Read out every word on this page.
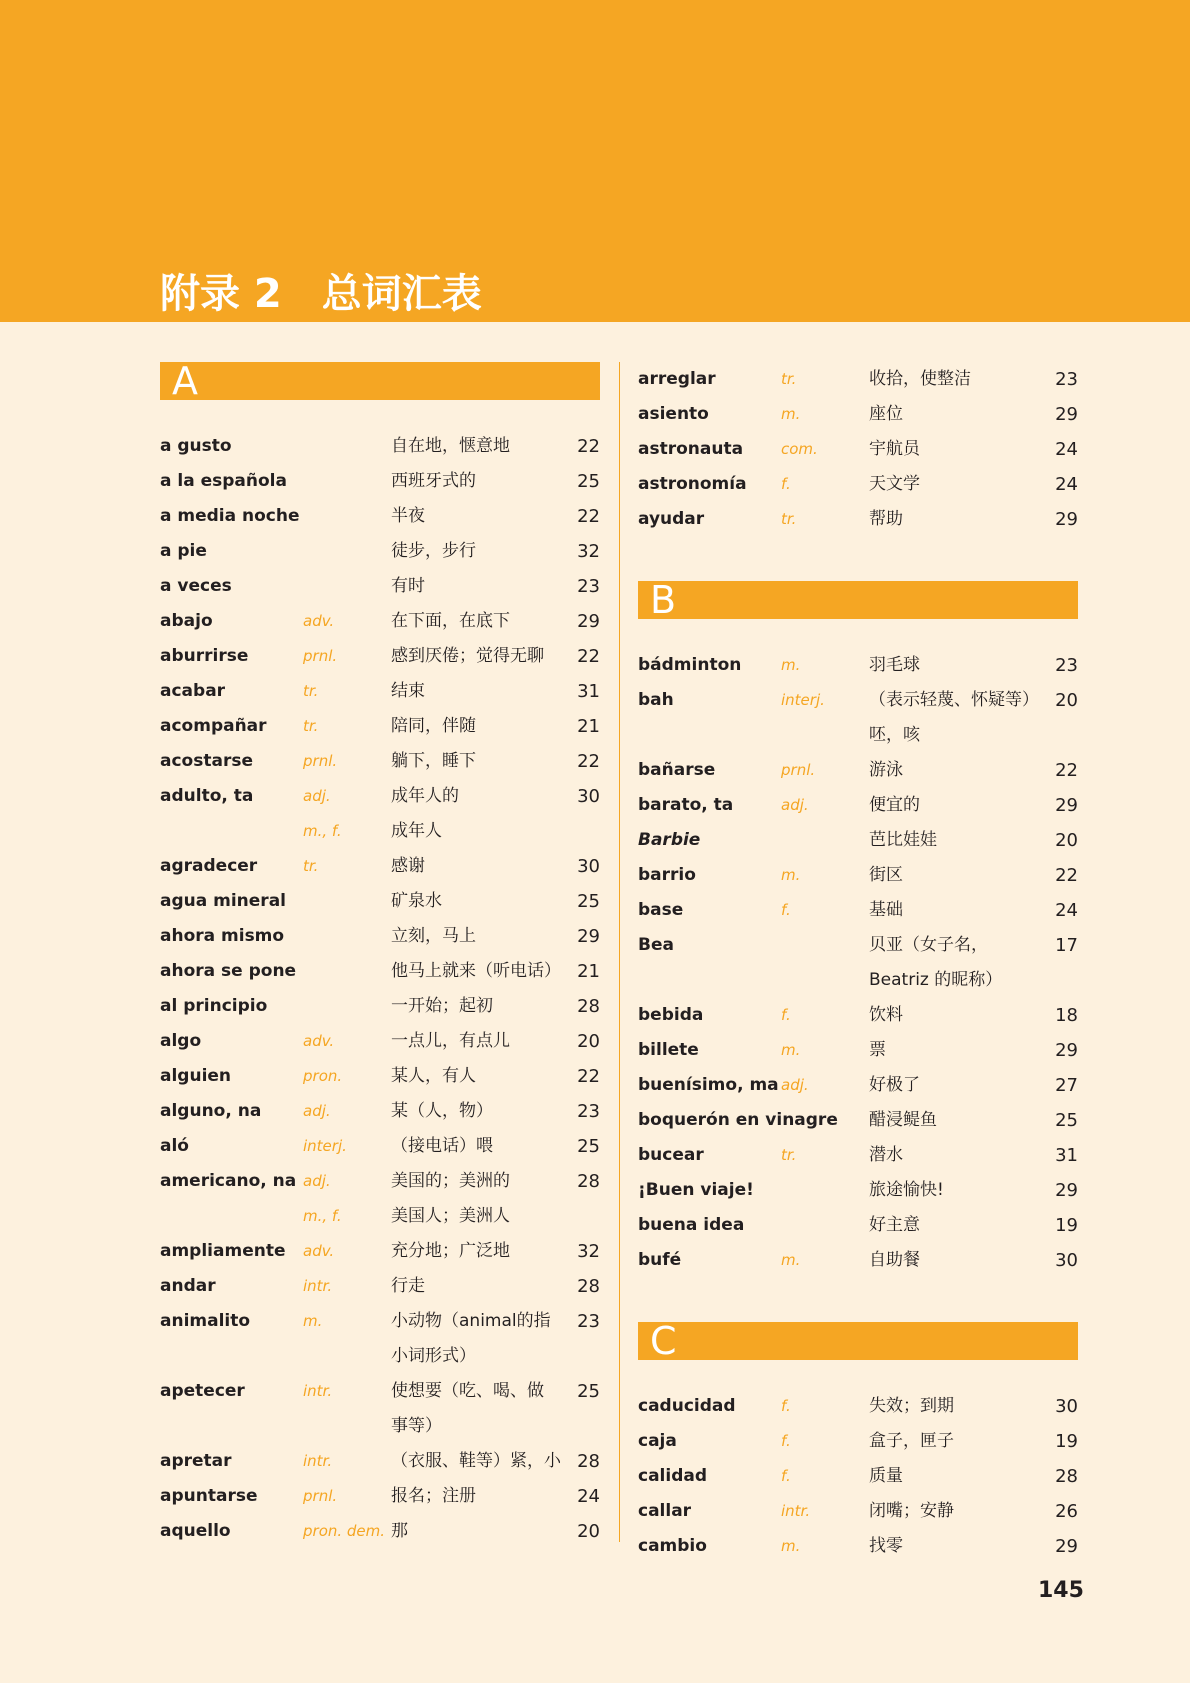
附录 2　总词汇表
A
a gusto	自在地，惬意地	22
a la española	西班牙式的	25
a media noche	半夜	22
a pie	徒步，步行	32
a veces	有时	23
abajo	adv.	在下面，在底下	29
aburrirse	prnl.	感到厌倦；觉得无聊	22
acabar	tr.	结束	31
acompañar	tr.	陪同，伴随	21
acostarse	prnl.	躺下，睡下	22
adulto, ta	adj.	成年人的	30
m., f.	成年人
agradecer	tr.	感谢	30
agua mineral	矿泉水	25
ahora mismo	立刻，马上	29
ahora se pone	他马上就来（听电话） 21
al principio	一开始；起初	28
algo	adv.	一点儿，有点儿	20
alguien	pron.	某人，有人	22
alguno, na	adj.	某（人，物）	23
aló	interj.	（接电话）喂	25
americano, na adj.	美国的；美洲的	28
m., f.	美国人；美洲人
ampliamente	adv.	充分地；广泛地	32
andar	intr.	行走	28
animalito	m.	小动物（animal的指	23
小词形式）
apetecer	intr.	使想要（吃、喝、做	25
事等）
apretar	intr.	（衣服、鞋等）紧，小 28
apuntarse	prnl.	报名；注册	24
aquello	pron. dem. 那	20
arreglar	tr.	收拾，使整洁	23
asiento	m.	座位	29
astronauta	com.	宇航员	24
astronomía	f.	天文学	24
ayudar	tr.	帮助	29
B
bádminton	m.	羽毛球	23
bah	interj.	（表示轻蔑、怀疑等） 20
呸，咳
bañarse	prnl.	游泳	22
barato, ta	adj.	便宜的	29
Barbie	芭比娃娃	20
barrio	m.	街区	22
base	f.	基础	24
Bea	贝亚（女子名，	17
Beatriz 的昵称）
bebida	f.	饮料	18
billete	m.	票	29
buenísimo, ma adj.	好极了	27
boquerón en vinagre 醋浸鳀鱼	25
bucear	tr.	潜水	31
¡Buen viaje!	旅途愉快!	29
buena idea	好主意	19
bufé	m.	自助餐	30
C
caducidad	f.	失效；到期	30
caja	f.	盒子，匣子	19
calidad	f.	质量	28
callar	intr.	闭嘴；安静	26
cambio	m.	找零	29
145
